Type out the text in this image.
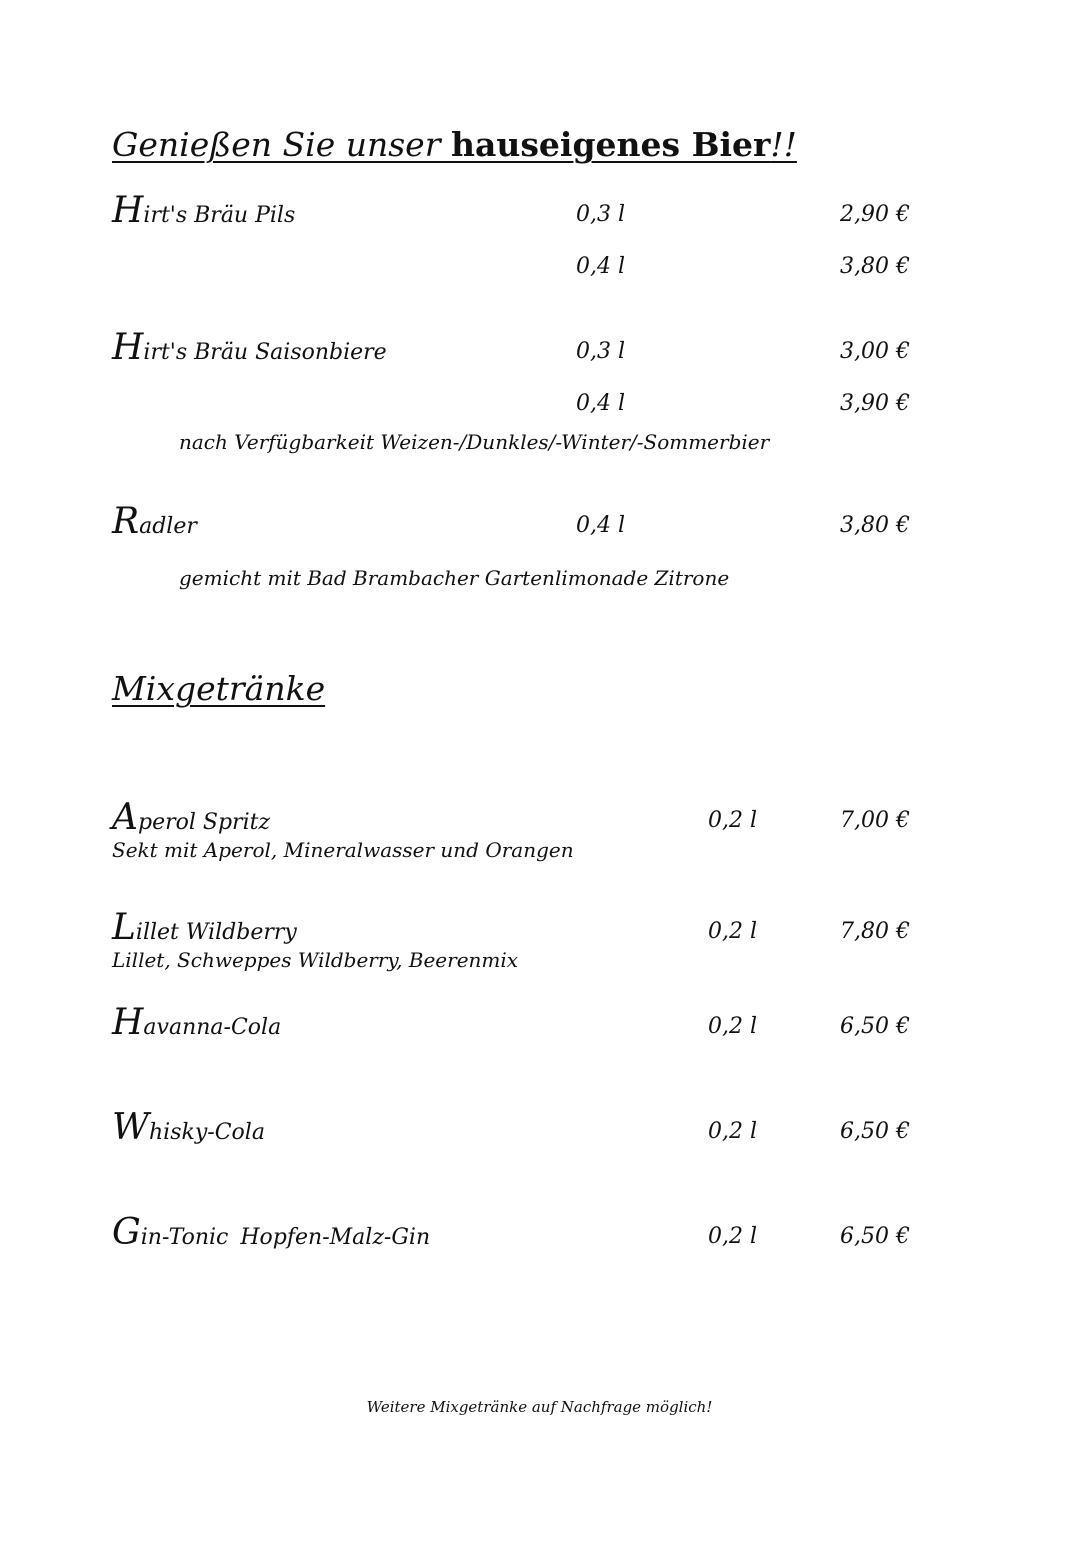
Genießen Sie unser hauseigenes Bier!!
Hirt's Bräu Pils	0,3 l	2,90 €
0,4 l	3,80 €
Hirt's Bräu Saisonbiere	0,3 l	3,00 €
0,4 l	3,90 €
nach Verfügbarkeit Weizen-/Dunkles/-Winter/-Sommerbier
Radler	0,4 l	3,80 €
gemicht mit Bad Brambacher Gartenlimonade Zitrone
Mixgetränke
Aperol Spritz	0,2 l	7,00 €
Sekt mit Aperol, Mineralwasser und Orangen
Lillet Wildberry	0,2 l	7,80 €
Lillet, Schweppes Wildberry, Beerenmix
Havanna-Cola	0,2 l	6,50 €
Whisky-Cola	0,2 l	6,50 €
Gin-Tonic Hopfen-Malz-Gin	0,2 l	6,50 €
Weitere Mixgetränke auf Nachfrage möglich!
